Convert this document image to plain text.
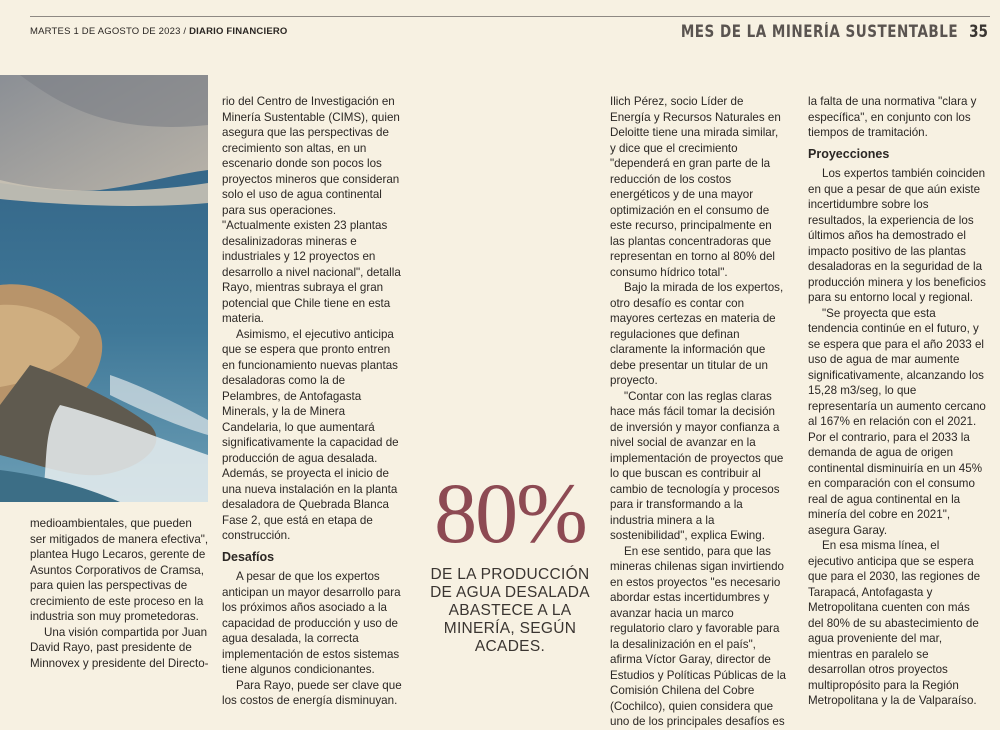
MARTES 1 DE AGOSTO DE 2023 / DIARIO FINANCIERO	MES DE LA MINERÍA SUSTENTABLE 35

medioambientales, que pueden ser mitigados de manera efectiva", plantea Hugo Lecaros, gerente de Asuntos Corporativos de Cramsa, para quien las perspectivas de crecimiento de este proceso en la industria son muy prometedoras.

Una visión compartida por Juan David Rayo, past presidente de Minnovex y presidente del Directo-

rio del Centro de Investigación en Minería Sustentable (CIMS), quien asegura que las perspectivas de crecimiento son altas, en un escenario donde son pocos los proyectos mineros que consideran solo el uso de agua continental para sus operaciones. "Actualmente existen 23 plantas desalinizadoras mineras e industriales y 12 proyectos en desarrollo a nivel nacional", detalla Rayo, mientras subraya el gran potencial que Chile tiene en esta materia.

Asimismo, el ejecutivo anticipa que se espera que pronto entren en funcionamiento nuevas plantas desaladoras como la de Pelambres, de Antofagasta Minerals, y la de Minera Candelaria, lo que aumentará significativamente la capacidad de producción de agua desalada. Además, se proyecta el inicio de una nueva instalación en la planta desaladora de Quebrada Blanca Fase 2, que está en etapa de construcción.

Desafíos

A pesar de que los expertos anticipan un mayor desarrollo para los próximos años asociado a la capacidad de producción y uso de agua desalada, la correcta implementación de estos sistemas tiene algunos condicionantes.

Para Rayo, puede ser clave que los costos de energía disminuyan.

80%
DE LA PRODUCCIÓN DE AGUA DESALADA ABASTECE A LA MINERÍA, SEGÚN ACADES.

Ilich Pérez, socio Líder de Energía y Recursos Naturales en Deloitte tiene una mirada similar, y dice que el crecimiento "dependerá en gran parte de la reducción de los costos energéticos y de una mayor optimización en el consumo de este recurso, principalmente en las plantas concentradoras que representan en torno al 80% del consumo hídrico total".

Bajo la mirada de los expertos, otro desafío es contar con mayores certezas en materia de regulaciones que definan claramente la información que debe presentar un titular de un proyecto.

"Contar con las reglas claras hace más fácil tomar la decisión de inversión y mayor confianza a nivel social de avanzar en la implementación de proyectos que lo que buscan es contribuir al cambio de tecnología y procesos para ir transformando a la industria minera a la sostenibilidad", explica Ewing.

En ese sentido, para que las mineras chilenas sigan invirtiendo en estos proyectos "es necesario abordar estas incertidumbres y avanzar hacia un marco regulatorio claro y favorable para la desalinización en el país", afirma Víctor Garay, director de Estudios y Políticas Públicas de la Comisión Chilena del Cobre (Cochilco), quien considera que uno de los principales desafíos es

la falta de una normativa "clara y específica", en conjunto con los tiempos de tramitación.

Proyecciones

Los expertos también coinciden en que a pesar de que aún existe incertidumbre sobre los resultados, la experiencia de los últimos años ha demostrado el impacto positivo de las plantas desaladoras en la seguridad de la producción minera y los beneficios para su entorno local y regional.

"Se proyecta que esta tendencia continúe en el futuro, y se espera que para el año 2033 el uso de agua de mar aumente significativamente, alcanzando los 15,28 m3/seg, lo que representaría un aumento cercano al 167% en relación con el 2021. Por el contrario, para el 2033 la demanda de agua de origen continental disminuiría en un 45% en comparación con el consumo real de agua continental en la minería del cobre en 2021", asegura Garay.

En esa misma línea, el ejecutivo anticipa que se espera que para el 2030, las regiones de Tarapacá, Antofagasta y Metropolitana cuenten con más del 80% de su abastecimiento de agua proveniente del mar, mientras en paralelo se desarrollan otros proyectos multipropósito para la Región Metropolitana y la de Valparaíso.
